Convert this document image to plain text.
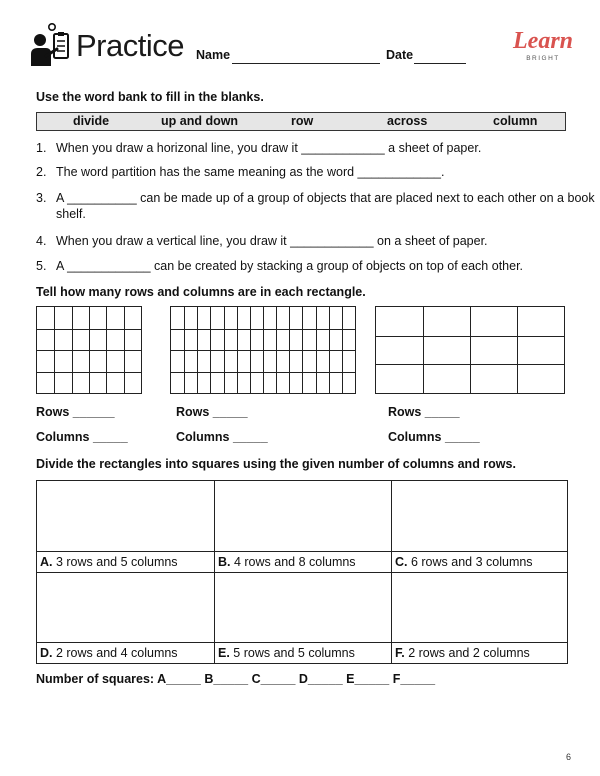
Practice Name	Date
Learn
BRIGHT
Use the word bank to fill in the blanks.
divide	up and down	row	across	column
1. When you draw a horizonal line, you draw it ____________ a sheet of paper.
2. The word partition has the same meaning as the word ____________.
3. A __________ can be made up of a group of objects that are placed next to each other on a book
shelf.
4. When you draw a vertical line, you draw it ____________ on a sheet of paper.
5. A ____________ can be created by stacking a group of objects on top of each other.
Tell how many rows and columns are in each rectangle.
Rows ______	Rows _____	Rows _____
Columns _____	Columns _____	Columns _____
Divide the rectangles into squares using the given number of columns and rows.
A. 3 rows and 5 columns	B. 4 rows and 8 columns	C. 6 rows and 3 columns
D. 2 rows and 4 columns	E. 5 rows and 5 columns	F. 2 rows and 2 columns
Number of squares: A_____ B_____ C_____ D_____ E_____ F_____
6
